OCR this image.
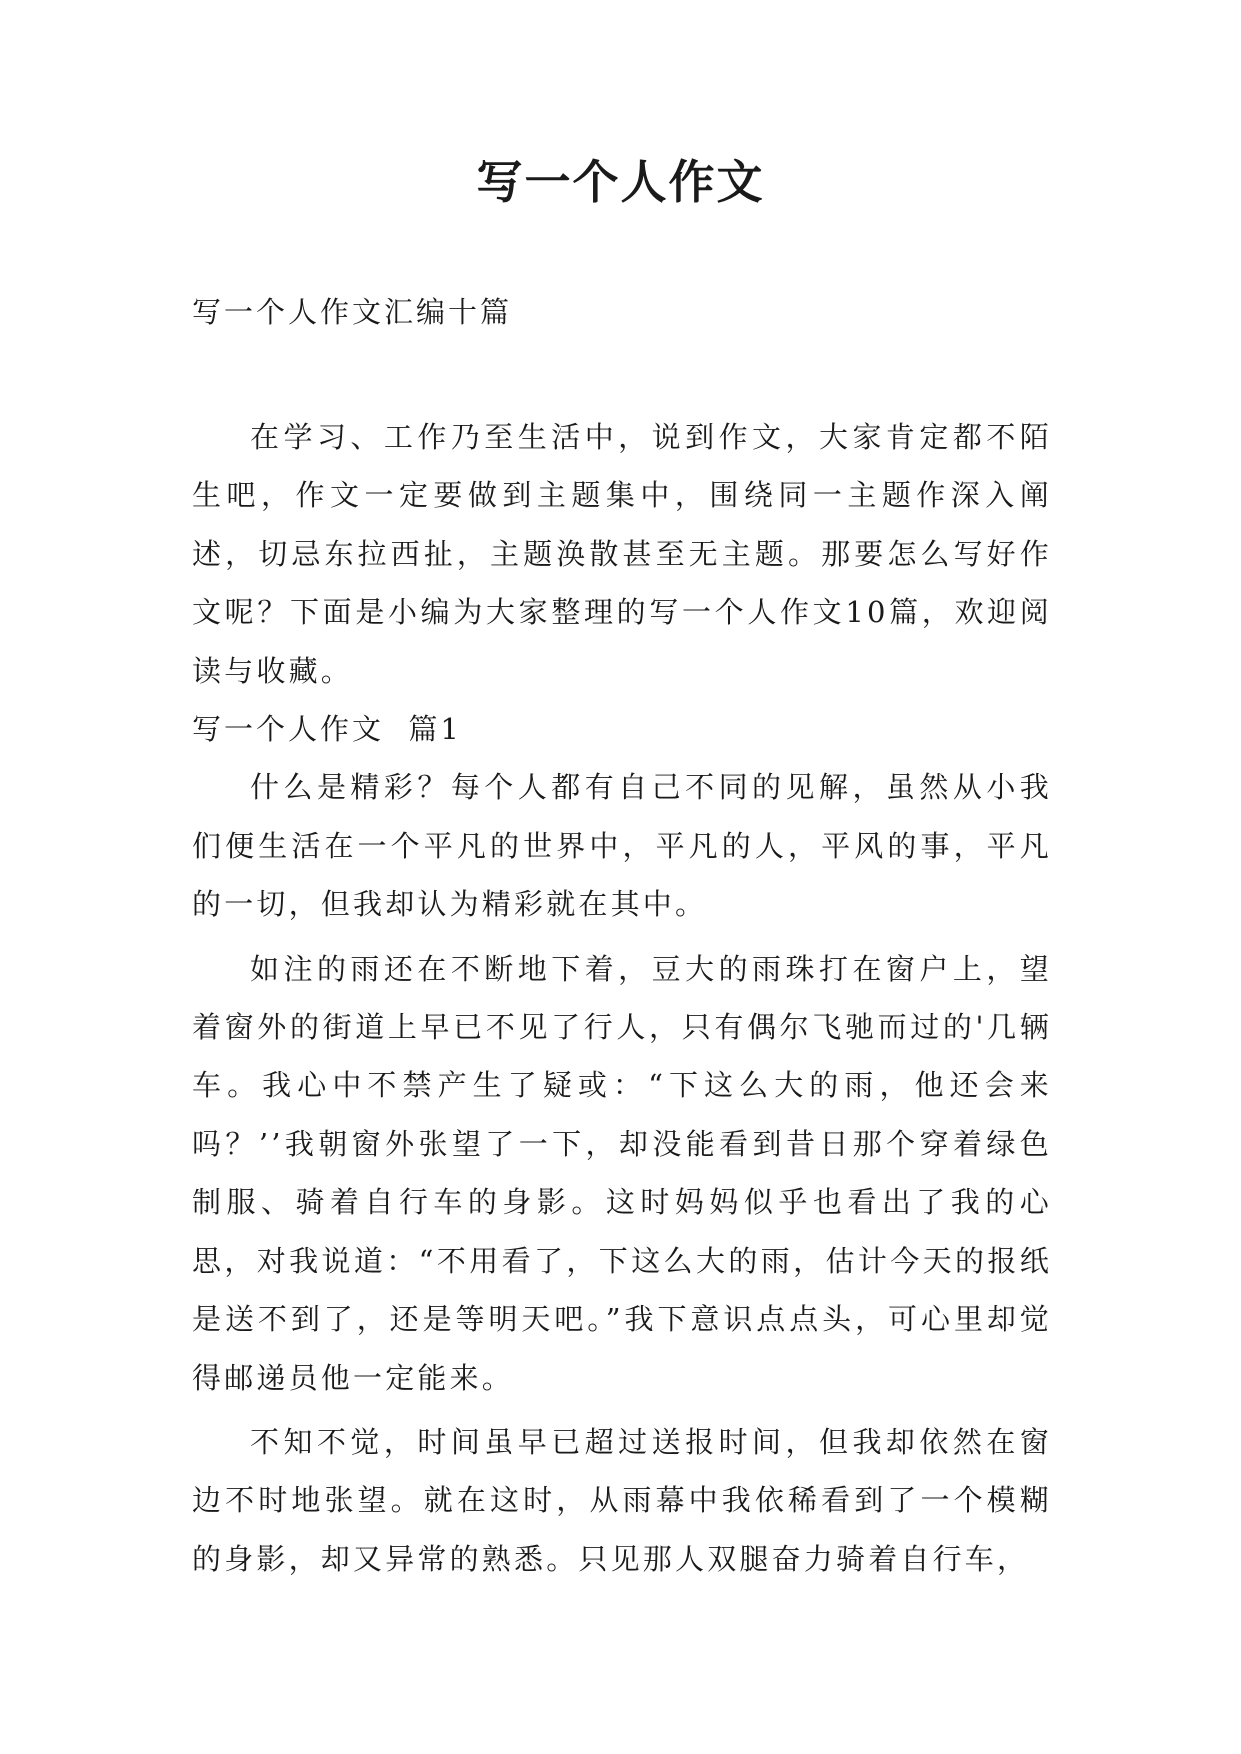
写一个人作文

写一个人作文汇编十篇

在学习、工作乃至生活中，说到作文，大家肯定都不陌生吧，作文一定要做到主题集中，围绕同一主题作深入阐述，切忌东拉西扯，主题涣散甚至无主题。那要怎么写好作文呢？下面是小编为大家整理的写一个人作文10篇，欢迎阅读与收藏。

写一个人作文  篇1

什么是精彩？每个人都有自己不同的见解，虽然从小我们便生活在一个平凡的世界中，平凡的人，平风的事，平凡的一切，但我却认为精彩就在其中。

如注的雨还在不断地下着，豆大的雨珠打在窗户上，望着窗外的街道上早已不见了行人，只有偶尔飞驰而过的'几辆车。我心中不禁产生了疑或：“下这么大的雨，他还会来吗？’’我朝窗外张望了一下，却没能看到昔日那个穿着绿色制服、骑着自行车的身影。这时妈妈似乎也看出了我的心思，对我说道：“不用看了，下这么大的雨，估计今天的报纸是送不到了，还是等明天吧。”我下意识点点头，可心里却觉得邮递员他一定能来。

不知不觉，时间虽早已超过送报时间，但我却依然在窗边不时地张望。就在这时，从雨幕中我依稀看到了一个模糊的身影，却又异常的熟悉。只见那人双腿奋力骑着自行车，
